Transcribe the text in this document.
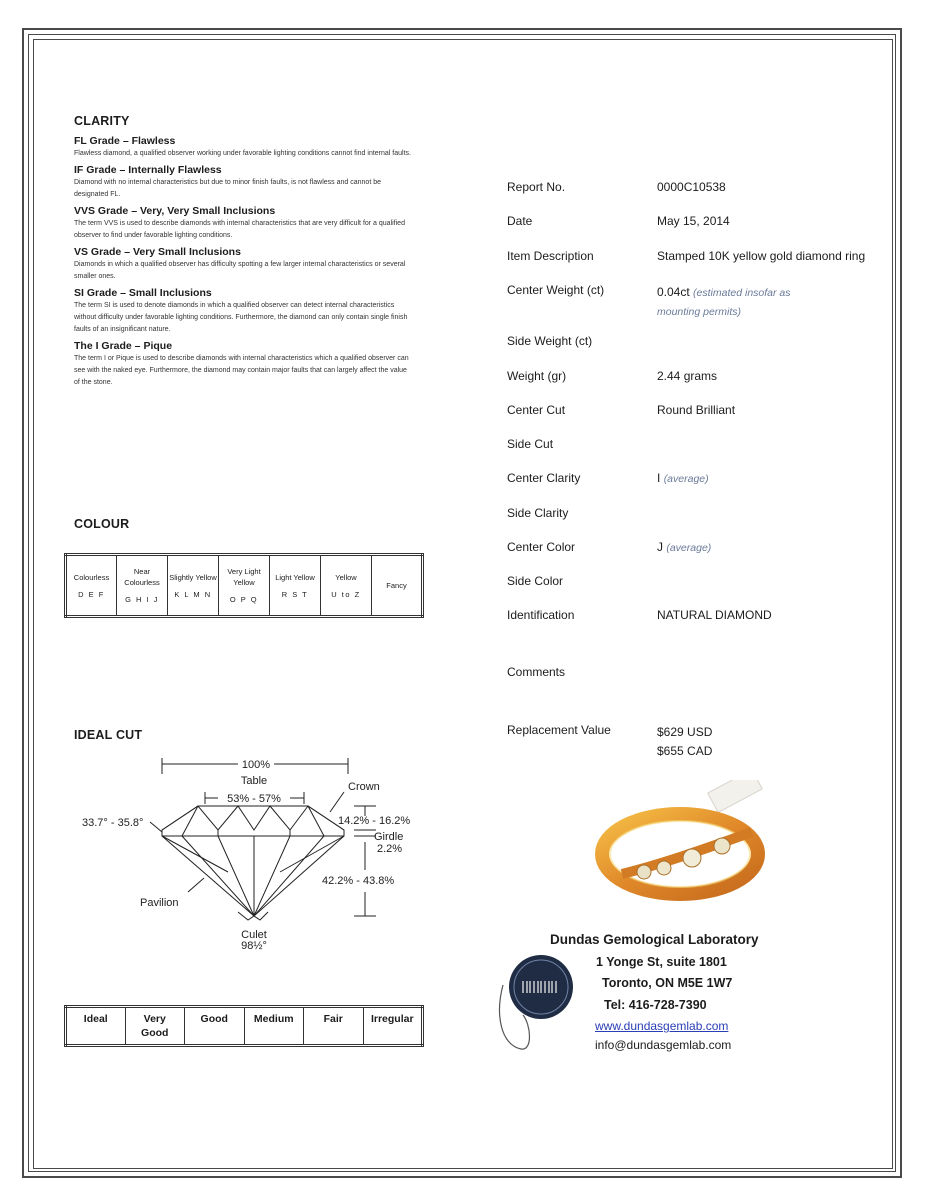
CLARITY
FL Grade – Flawless
Flawless diamond, a qualified observer working under favorable lighting conditions cannot find internal faults.
IF Grade – Internally Flawless
Diamond with no internal characteristics but due to minor finish faults, is not flawless and cannot be designated FL.
VVS Grade – Very, Very Small Inclusions
The term VVS is used to describe diamonds with internal characteristics that are very difficult for a qualified observer to find under favorable lighting conditions.
VS Grade – Very Small Inclusions
Diamonds in which a qualified observer has difficulty spotting a few larger internal characteristics or several smaller ones.
SI Grade – Small Inclusions
The term SI is used to denote diamonds in which a qualified observer can detect internal characteristics without difficulty under favorable lighting conditions. Furthermore, the diamond can only contain single finish faults of an insignificant nature.
The I Grade – Pique
The term I or Pique is used to describe diamonds with internal characteristics which a qualified observer can see with the naked eye. Furthermore, the diamond may contain major faults that can largely affect the value of the stone.
COLOUR
Colourless
D E F
	Near Colourless
G H I J
	Slightly Yellow
K L M N
	Very Light Yellow
O P Q
	Light Yellow
R S T
	Yellow
U to Z
	Fancy
IDEAL CUT
100%
Table
53% - 57%
Crown
33.7° - 35.8°	14.2% - 16.2%
Girdle
2.2%
42.2% - 43.8%
Pavilion
Culet
98½°
Ideal	Very Good	Good	Medium	Fair	Irregular
Report No.	0000C10538
Date	May 15, 2014
Item Description	Stamped 10K yellow gold diamond ring
Center Weight (ct)	0.04ct (estimated insofar as mounting permits)
Side Weight (ct)
Weight (gr)	2.44 grams
Center Cut	Round Brilliant
Side Cut
Center Clarity	I (average)
Side Clarity
Center Color	J (average)
Side Color
Identification	NATURAL DIAMOND
Comments
Replacement Value	$629 USD
$655 CAD
Dundas Gemological Laboratory
1 Yonge St, suite 1801
Toronto, ON M5E 1W7
Tel: 416-728-7390
www.dundasgemlab.com
info@dundasgemlab.com
